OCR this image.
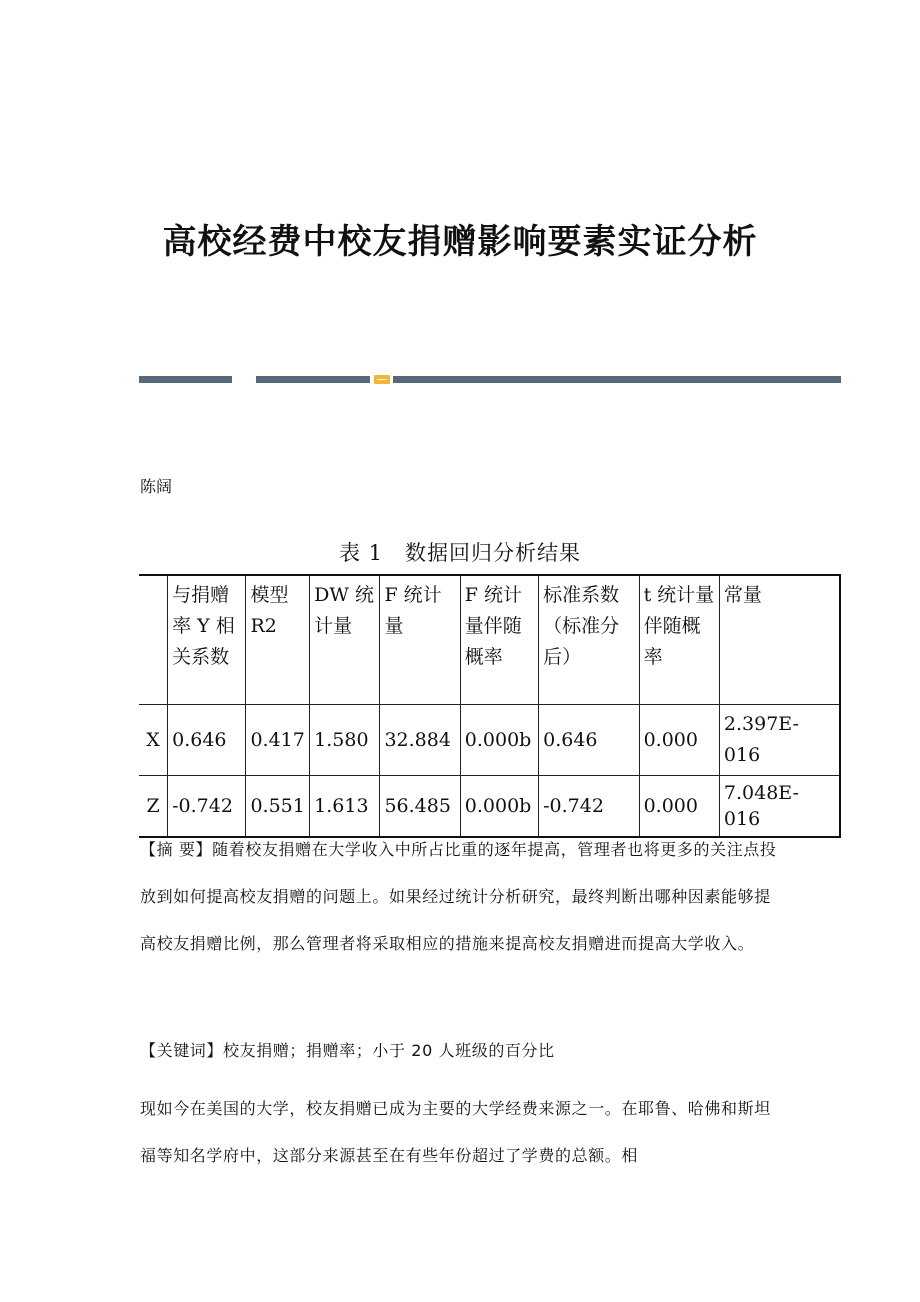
高校经费中校友捐赠影响要素实证分析
陈阔
表 1 数据回归分析结果
	与捐赠率 Y 相关系数	模型 R2	DW 统计量	F 统计量	F 统计量伴随概率	标准系数（标准分后）	t 统计量伴随概率	常量
X	0.646	0.417	1.580	32.884	0.000b	0.646	0.000	2.397E-016
Z	-0.742	0.551	1.613	56.485	0.000b	-0.742	0.000	7.048E-016
【摘 要】随着校友捐赠在大学收入中所占比重的逐年提高，管理者也将更多的关注点投放到如何提高校友捐赠的问题上。如果经过统计分析研究，最终判断出哪种因素能够提高校友捐赠比例，那么管理者将采取相应的措施来提高校友捐赠进而提高大学收入。
【关键词】校友捐赠；捐赠率；小于 20 人班级的百分比
现如今在美国的大学，校友捐赠已成为主要的大学经费来源之一。在耶鲁、哈佛和斯坦福等知名学府中，这部分来源甚至在有些年份超过了学费的总额。相
